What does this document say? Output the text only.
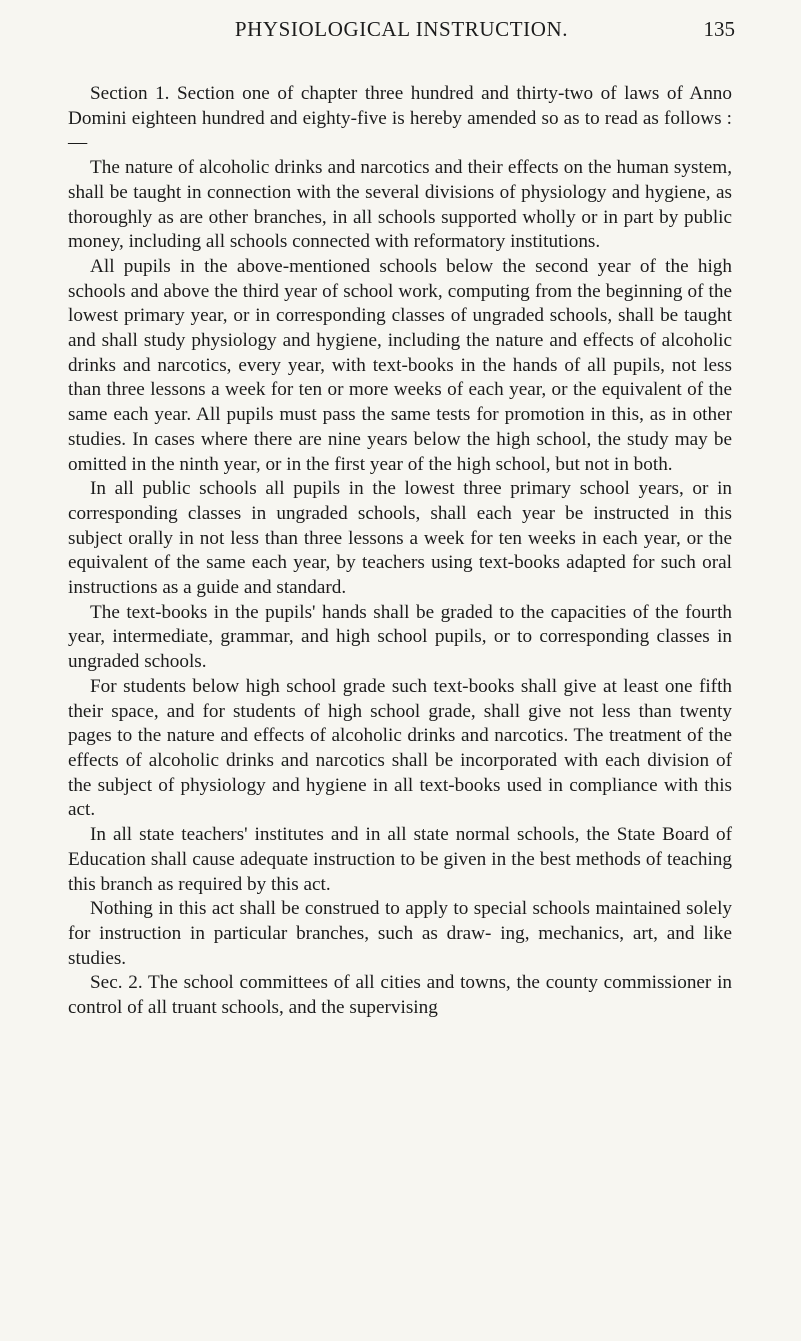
PHYSIOLOGICAL INSTRUCTION.	135

Section 1. Section one of chapter three hundred and thirty-two of laws of Anno Domini eighteen hundred and eighty-five is hereby amended so as to read as follows : —

The nature of alcoholic drinks and narcotics and their effects on the human system, shall be taught in connection with the several divisions of physiology and hygiene, as thoroughly as are other branches, in all schools supported wholly or in part by public money, including all schools connected with reformatory institutions.

All pupils in the above-mentioned schools below the second year of the high schools and above the third year of school work, computing from the beginning of the lowest primary year, or in corresponding classes of ungraded schools, shall be taught and shall study physiology and hygiene, including the nature and effects of alcoholic drinks and narcotics, every year, with text-books in the hands of all pupils, not less than three lessons a week for ten or more weeks of each year, or the equivalent of the same each year. All pupils must pass the same tests for promotion in this, as in other studies. In cases where there are nine years below the high school, the study may be omitted in the ninth year, or in the first year of the high school, but not in both.

In all public schools all pupils in the lowest three primary school years, or in corresponding classes in ungraded schools, shall each year be instructed in this subject orally in not less than three lessons a week for ten weeks in each year, or the equivalent of the same each year, by teachers using text-books adapted for such oral instructions as a guide and standard.

The text-books in the pupils' hands shall be graded to the capacities of the fourth year, intermediate, grammar, and high school pupils, or to corresponding classes in ungraded schools.

For students below high school grade such text-books shall give at least one fifth their space, and for students of high school grade, shall give not less than twenty pages to the nature and effects of alcoholic drinks and narcotics. The treatment of the effects of alcoholic drinks and narcotics shall be incorporated with each division of the subject of physiology and hygiene in all text-books used in compliance with this act.

In all state teachers' institutes and in all state normal schools, the State Board of Education shall cause adequate instruction to be given in the best methods of teaching this branch as required by this act.

Nothing in this act shall be construed to apply to special schools maintained solely for instruction in particular branches, such as draw- ing, mechanics, art, and like studies.

Sec. 2. The school committees of all cities and towns, the county commissioner in control of all truant schools, and the supervising
